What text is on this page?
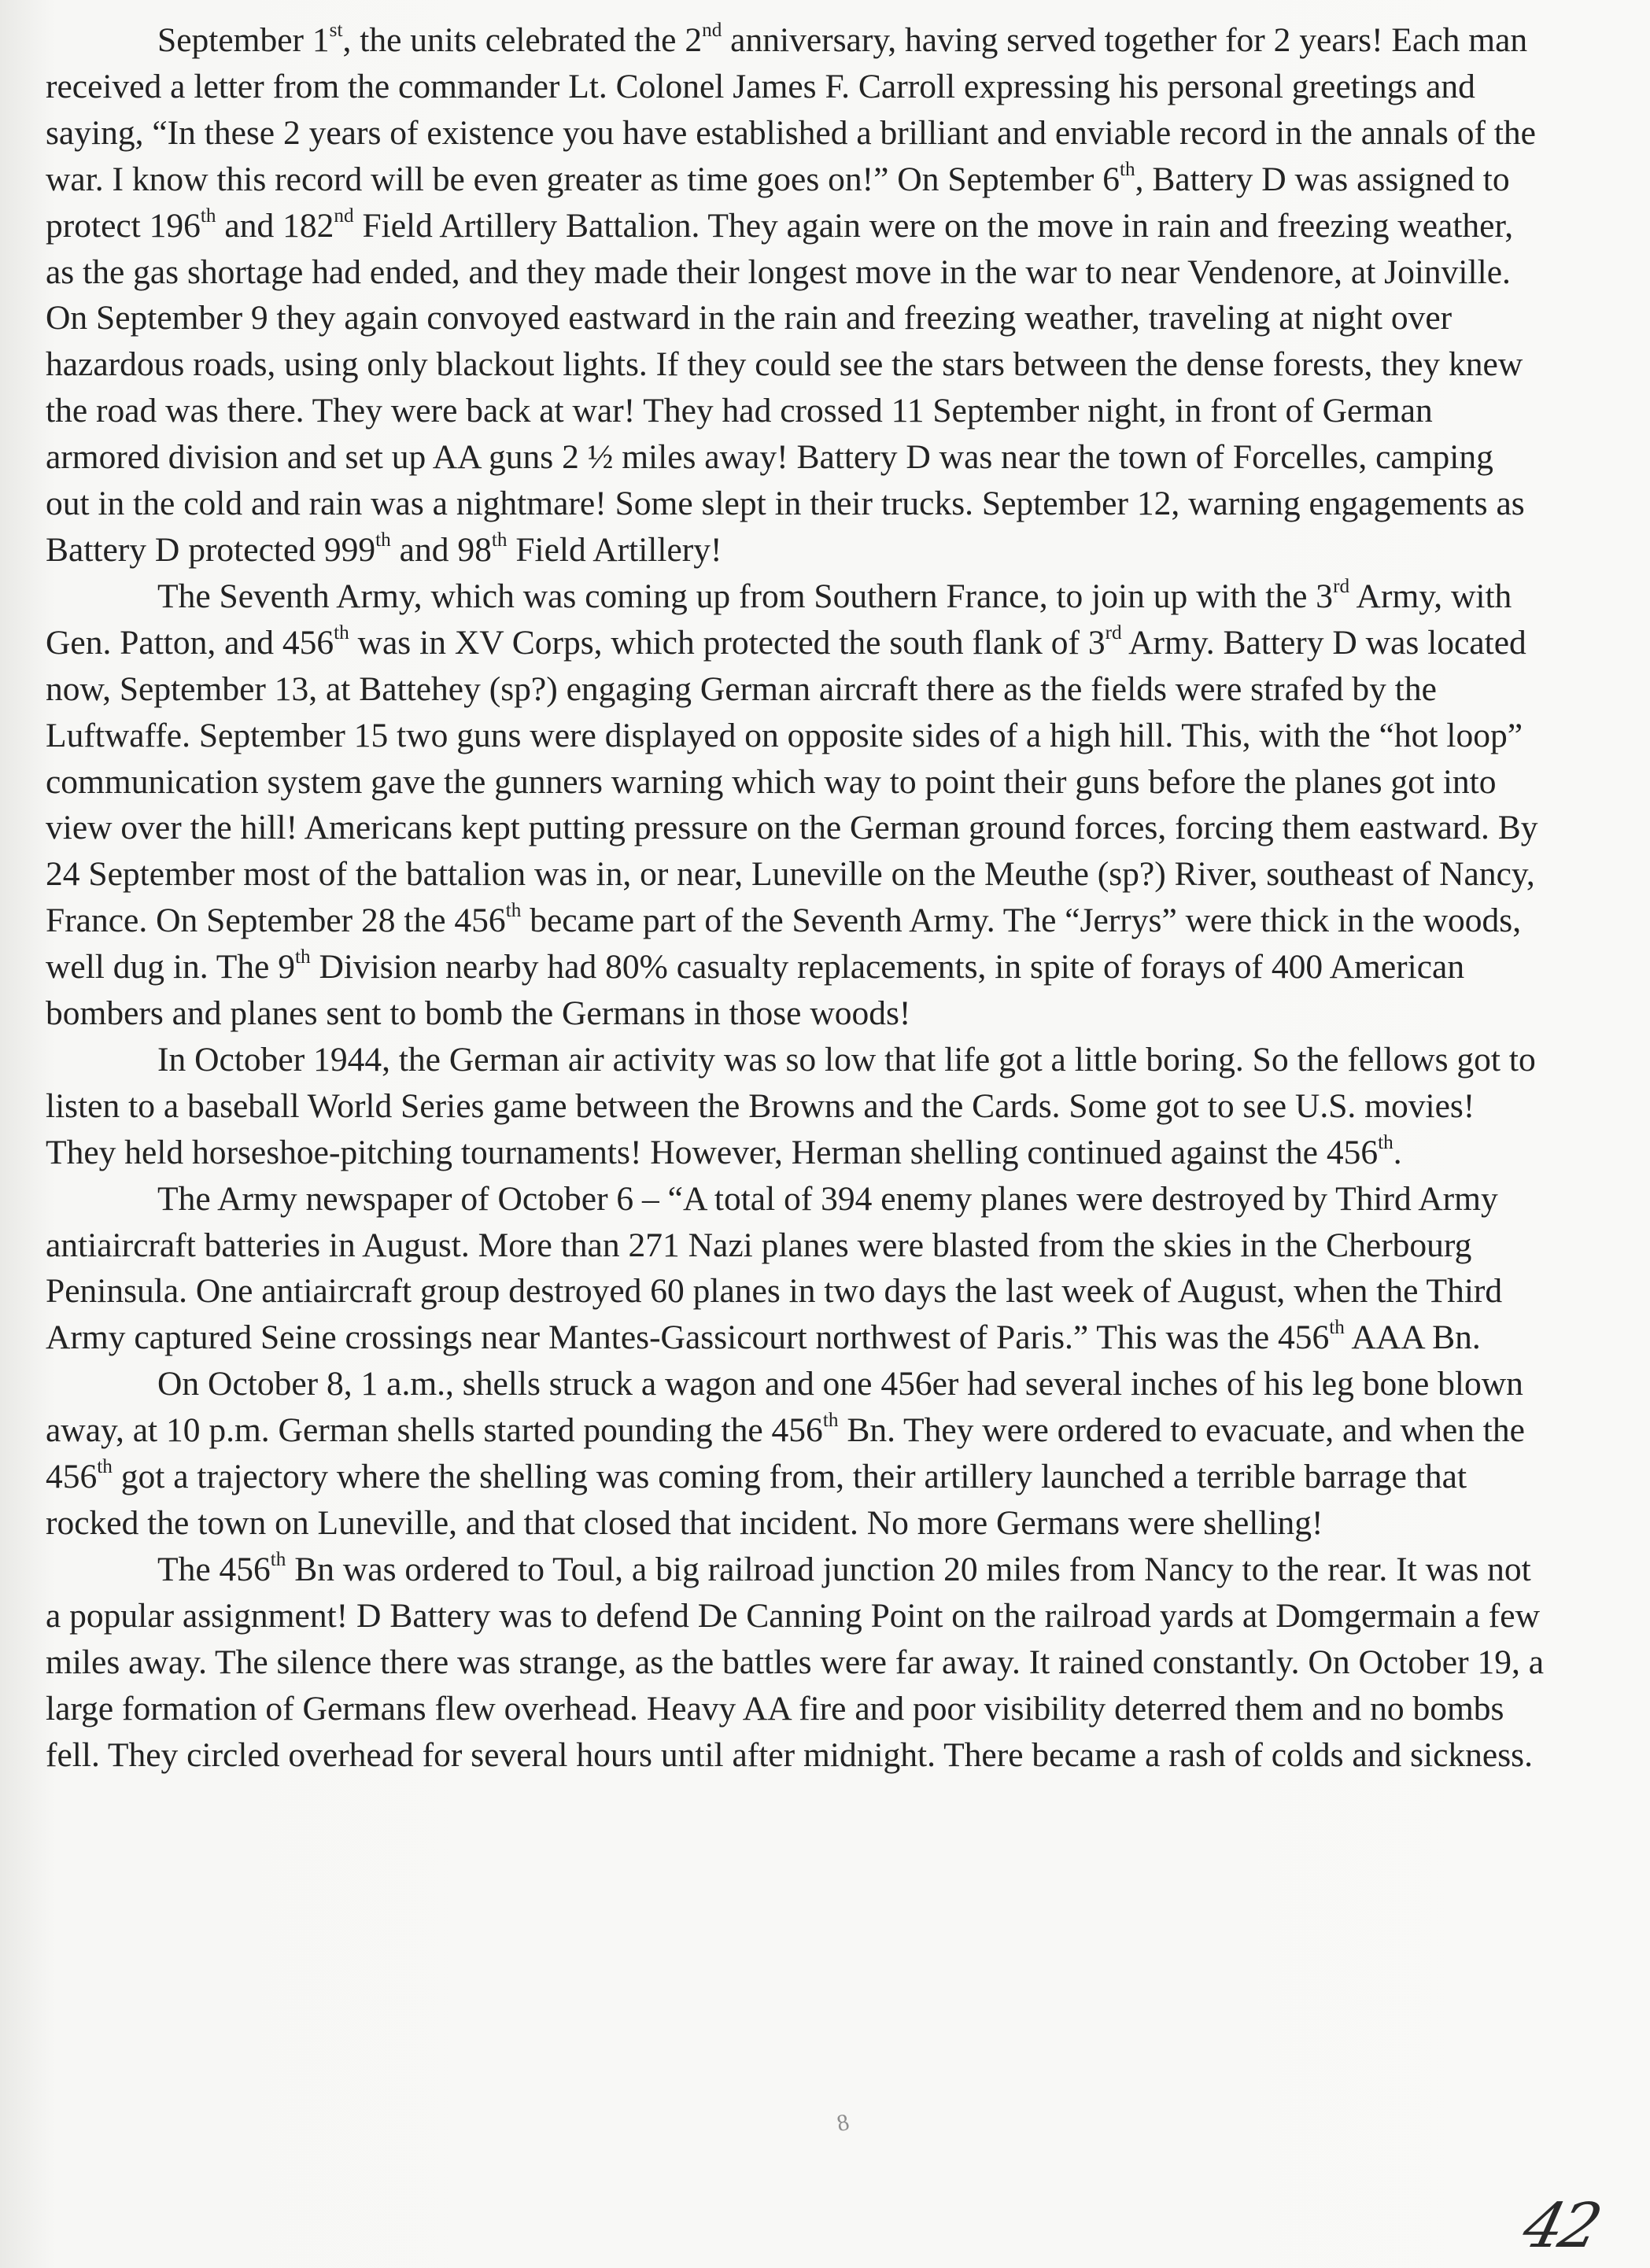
September 1st, the units celebrated the 2nd anniversary, having served together for 2 years! Each man received a letter from the commander Lt. Colonel James F. Carroll expressing his personal greetings and saying, “In these 2 years of existence you have established a brilliant and enviable record in the annals of the war. I know this record will be even greater as time goes on!” On September 6th, Battery D was assigned to protect 196th and 182nd Field Artillery Battalion. They again were on the move in rain and freezing weather, as the gas shortage had ended, and they made their longest move in the war to near Vendenore, at Joinville. On September 9 they again convoyed eastward in the rain and freezing weather, traveling at night over hazardous roads, using only blackout lights. If they could see the stars between the dense forests, they knew the road was there. They were back at war! They had crossed 11 September night, in front of German armored division and set up AA guns 2 ½ miles away! Battery D was near the town of Forcelles, camping out in the cold and rain was a nightmare! Some slept in their trucks. September 12, warning engagements as Battery D protected 999th and 98th Field Artillery!

The Seventh Army, which was coming up from Southern France, to join up with the 3rd Army, with Gen. Patton, and 456th was in XV Corps, which protected the south flank of 3rd Army. Battery D was located now, September 13, at Battehey (sp?) engaging German aircraft there as the fields were strafed by the Luftwaffe. September 15 two guns were displayed on opposite sides of a high hill. This, with the “hot loop” communication system gave the gunners warning which way to point their guns before the planes got into view over the hill! Americans kept putting pressure on the German ground forces, forcing them eastward. By 24 September most of the battalion was in, or near, Luneville on the Meuthe (sp?) River, southeast of Nancy, France. On September 28 the 456th became part of the Seventh Army. The “Jerrys” were thick in the woods, well dug in. The 9th Division nearby had 80% casualty replacements, in spite of forays of 400 American bombers and planes sent to bomb the Germans in those woods!

In October 1944, the German air activity was so low that life got a little boring. So the fellows got to listen to a baseball World Series game between the Browns and the Cards. Some got to see U.S. movies! They held horseshoe-pitching tournaments! However, Herman shelling continued against the 456th.

The Army newspaper of October 6 – “A total of 394 enemy planes were destroyed by Third Army antiaircraft batteries in August. More than 271 Nazi planes were blasted from the skies in the Cherbourg Peninsula. One antiaircraft group destroyed 60 planes in two days the last week of August, when the Third Army captured Seine crossings near Mantes-Gassicourt northwest of Paris.” This was the 456th AAA Bn.

On October 8, 1 a.m., shells struck a wagon and one 456er had several inches of his leg bone blown away, at 10 p.m. German shells started pounding the 456th Bn. They were ordered to evacuate, and when the 456th got a trajectory where the shelling was coming from, their artillery launched a terrible barrage that rocked the town on Luneville, and that closed that incident. No more Germans were shelling!

The 456th Bn was ordered to Toul, a big railroad junction 20 miles from Nancy to the rear. It was not a popular assignment! D Battery was to defend De Canning Point on the railroad yards at Domgermain a few miles away. The silence there was strange, as the battles were far away. It rained constantly. On October 19, a large formation of Germans flew overhead. Heavy AA fire and poor visibility deterred them and no bombs fell. They circled overhead for several hours until after midnight. There became a rash of colds and sickness.

8
42
